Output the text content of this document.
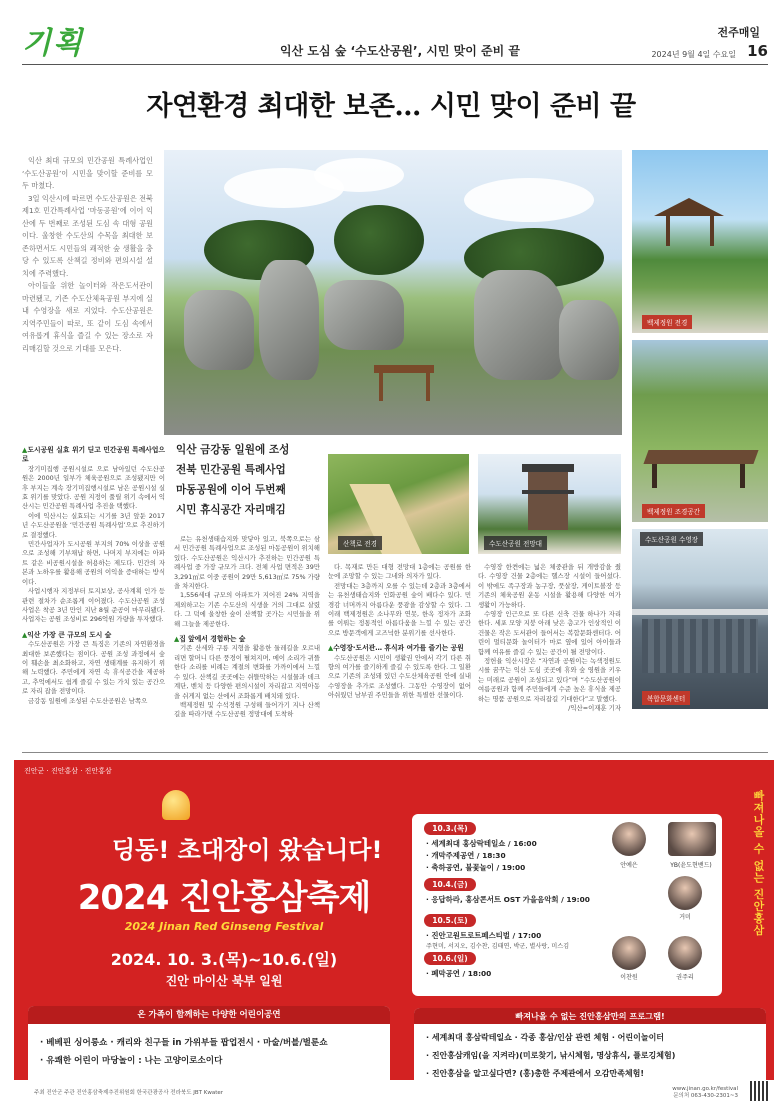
기획	익산 도심 숲 ‘수도산공원’, 시민 맞이 준비 끝
전주매일
2024년 9월 4일 수요일 16
자연환경 최대한 보존… 시민 맞이 준비 끝

익산 최대 규모의 민간공원 특례사업인 ‘수도산공원’이 시민을 맞이할 준비를 모두 마쳤다.

3일 익산시에 따르면 수도산공원은 전북 제1호 민간특례사업 ‘마동공원’에 이어 익산에 두 번째로 조성된 도심 속 대형 공원이다. 울창한 수도산의 수목을 최대한 보존하면서도 시민들의 쾌적한 숲 생활을 충당 수 있도록 산책길 정비와 편의시설 설치에 주력했다.

아이들을 위한 놀이터와 작은도서관이 마련됐고, 기존 수도산체육공원 부지에 실내 수영장을 새로 지었다. 수도산공원은 지역주민들이 따로, 또 같이 도심 속에서 여유롭게 휴식을 즐길 수 있는 장소로 자리매김할 것으로 기대를 모은다.

백제정원 전경
백제정원 조경공간
수도산공원 수영장
복합문화센터
산책로 전경	수도산공원 전망대
익산 금강동 일원에 조성
전북 민간공원 특례사업
마동공원에 이어 두번째
시민 휴식공간 자리매김

▲도시공원 실효 위기 딛고 민간공원 특례사업으로

장기미집행 공원시설로 으로 남아있던 수도산공원은 2000년 일부가 체육공원으로 조성됐지만 이후 부지는 계속 장기미집행시설로 남은 공원시설 실효 위기를 맞았다. 공원 지정이 풀릴 위기 속에서 익산시는 민간공원 특례사업 추진을 택했다.

이에 익산시는 실효되는 시기를 3년 앞둔 2017년 수도산공원을 ‘민간공원 특례사업’으로 추진하기로 결정했다.

민간사업자가 도시공원 부지의 70% 이상을 공원으로 조성해 기부채납 하면, 나머지 부지에는 아파트 같은 비공원시설을 허용하는 제도다. 민간의 자본과 노하우를 활용해 공원의 이익을 증대하는 방식이다.

사업시행자 지정부터 토지보상, 공사계획 인가 등 관련 절차가 순조롭게 이어졌다. 수도산공원 조성 사업은 착공 3년 만인 지난 8월 준공이 마무리됐다. 사업자는 공원 조성비로 296억원 가량을 투자했다.

▲익산 가장 큰 규모의 도시 숲

수도산공원은 가장 큰 특징은 기존의 자연환경을 최대한 보존했다는 점이다. 공원 조성 과정에서 숲이 훼손을 최소화하고, 자연 생태계를 유지하기 위해 노력했다. 주민에게 자연 속 휴식공간을 제공하고, 추억에서도 쉽게 즐길 수 있는 가치 있는 공간으로 자리 잡을 전망이다.

금강동 일원에 조성된 수도산공원은 남쪽으

로는 유천생태습지와 맞닿아 있고, 북쪽으로는 삼서 민간공원 특례사업으로 조성된 마동공원이 위치해 있다. 수도산공원은 익산시가 추진하는 민간공원 특례사업 중 가장 규모가 크다. 전체 사업 면적은 39만 3,291㎡로 이중 공원이 29만 5,613㎡로 75% 가량을 차지한다.

1,556세대 규모의 아파트가 지어진 24% 지역을 제외하고는 기존 수도산의 식생을 거의 그대로 살렸다. 그 덕에 울창한 숲이 산책할 곳가는 시민들을 위해 그늘을 제공한다.

▲집 앞에서 경험하는 숲

기존 산세와 구릉 지형을 활용한 둘레길을 오르내리면 할머니 다른 풍경이 펼쳐지며, 메이 소리가 귀뜰한다 소리를 비례는 계절의 변화를 가까이에서 느낄 수 있다. 산책길 곳곳에는 쉬뜰막하는 시설물과 데크계단, 벤치 등 다양한 편의시설이 자리잡고 지역아동을 쉬게지 없는 산에서 조화롭게 배치돼 있다.

백제정원 및 수석정원 구성해 들어가기 지나 산책길을 따라가면 수도산공원 정망대에 도착하

다. 목재로 만든 대형 전망대 1층에는 공원를 한눈에 조망할 수 있는 그네와 의자가 있다.

전망대는 3층까지 오를 수 있는데 2층과 3층에서는 유천생태습지와 인화공원 숲이 배다수 있다. 민경감 너머까지 아름다운 풍광을 감상할 수 있다. 그 이래 백제정원은 소나무와 연못, 한옥 정자가 조화를 이뤄는 정통적인 아름다움을 느낄 수 있는 공간으로 방문객에게 고즈넉한 분위기를 선사한다.

▲수영장·도서관… 휴식과 여가를 즐기는 공원

수도산공원은 시민이 생활권 안에서 각기 다른 취향의 여가를 즐기하게 즐길 수 있도록 한다. 그 일환으로 기존의 조성돼 있던 수도산체육공원 안에 실내 수영장을 추가로 조성했다. 그동안 수영장이 없어 아쉬웠던 남부권 주민들을 위한 특별한 선물이다.

수영장 한켠에는 넓은 체중관을 뒤 개방감을 줬다. 수영장 건물 2층에는 헬스장 시설이 들어섰다. 이 밖에도 족구장과 농구장, 풋살장, 게이트볼장 등 기존의 체육공원 운동 시설을 활용해 다양한 여가 생활이 가능하다.

수영장 인근으로 또 다른 신축 건물 하나가 자리한다. 세포 모양 지붕 아래 낮은 층고가 인상적인 이 건물은 작은 도서관이 들어서는 복합문화센터다. 어린이 멀티문화 놀이터가 마로 옆에 있어 아이들과 함께 여유를 즐길 수 있는 공간이 될 전망이다.

정헌율 익산시장은 “자연과 공원이는 녹색정원도시를 꿈꾸는 익산 도심 곳곳에 휴와 숲 영원을 키우는 미래로 공원이 조성되고 있다”며 “수도산공원이 여름공원과 함께 주민들에게 수준 높은 휴식을 제공하는 명품 공원으로 자리잡길 기대한다”고 말했다.

/익산=이재훈 기자

진안군 · 진안홍삼 · 진안홍삼
딩동! 초대장이 왔습니다!
2024 진안홍삼축제
2024 Jinan Red Ginseng Festival
2024. 10. 3.(목)~10.6.(일)
진안 마이산 북부 일원
온 가족이 함께하는 다양한 어린이공연
· 베베핀 싱어롱쇼 · 캐리와 친구들 in 가위부들 팝업전시 · 마술/버블/벌룬쇼
· 유쾌한 어린이 마당놀이 : 나는 고양이로소이다
10.3.(목)
· 세계최대 홍삼락테일쇼 / 16:00
· 개막주제공연 / 18:30
· 축하공연, 불꽃놀이 / 19:00	안예은	YB(윤도현밴드)
10.4.(금)
· 응답하라, 홍삼콘서트 OST 가을음악회 / 19:00
거미
10.5.(토)
· 진안고원트로트페스티벌 / 17:00
주현미, 서지오, 김수찬, 김태연, 박군, 별사랑, 미스김
10.6.(일)
· 폐막공연 / 18:00	이찬원	권주리
빠져나올 수 없는 진안홍삼
진안홍삼축제
빠져나올 수 없는 진안홍삼만의 프로그램!
· 세계최대 홍삼락테일쇼 · 각종 홍삼/인삼 관련 체험 · 어린이놀이터
· 진안홍삼캐임(을 지켜라)(미로찾기, 낚시체험, 명상휴식, 플로깅체험)
· 진안홍삼을 알고싶다면? (홍)총한 주제관에서 오감만족체험!
주최 진안군 주관 진안홍삼축제추진위원회 한국관광공사 전라북도 JBT Kwater
www.jinan.go.kr/festival
문의처 063-430-2301~3
